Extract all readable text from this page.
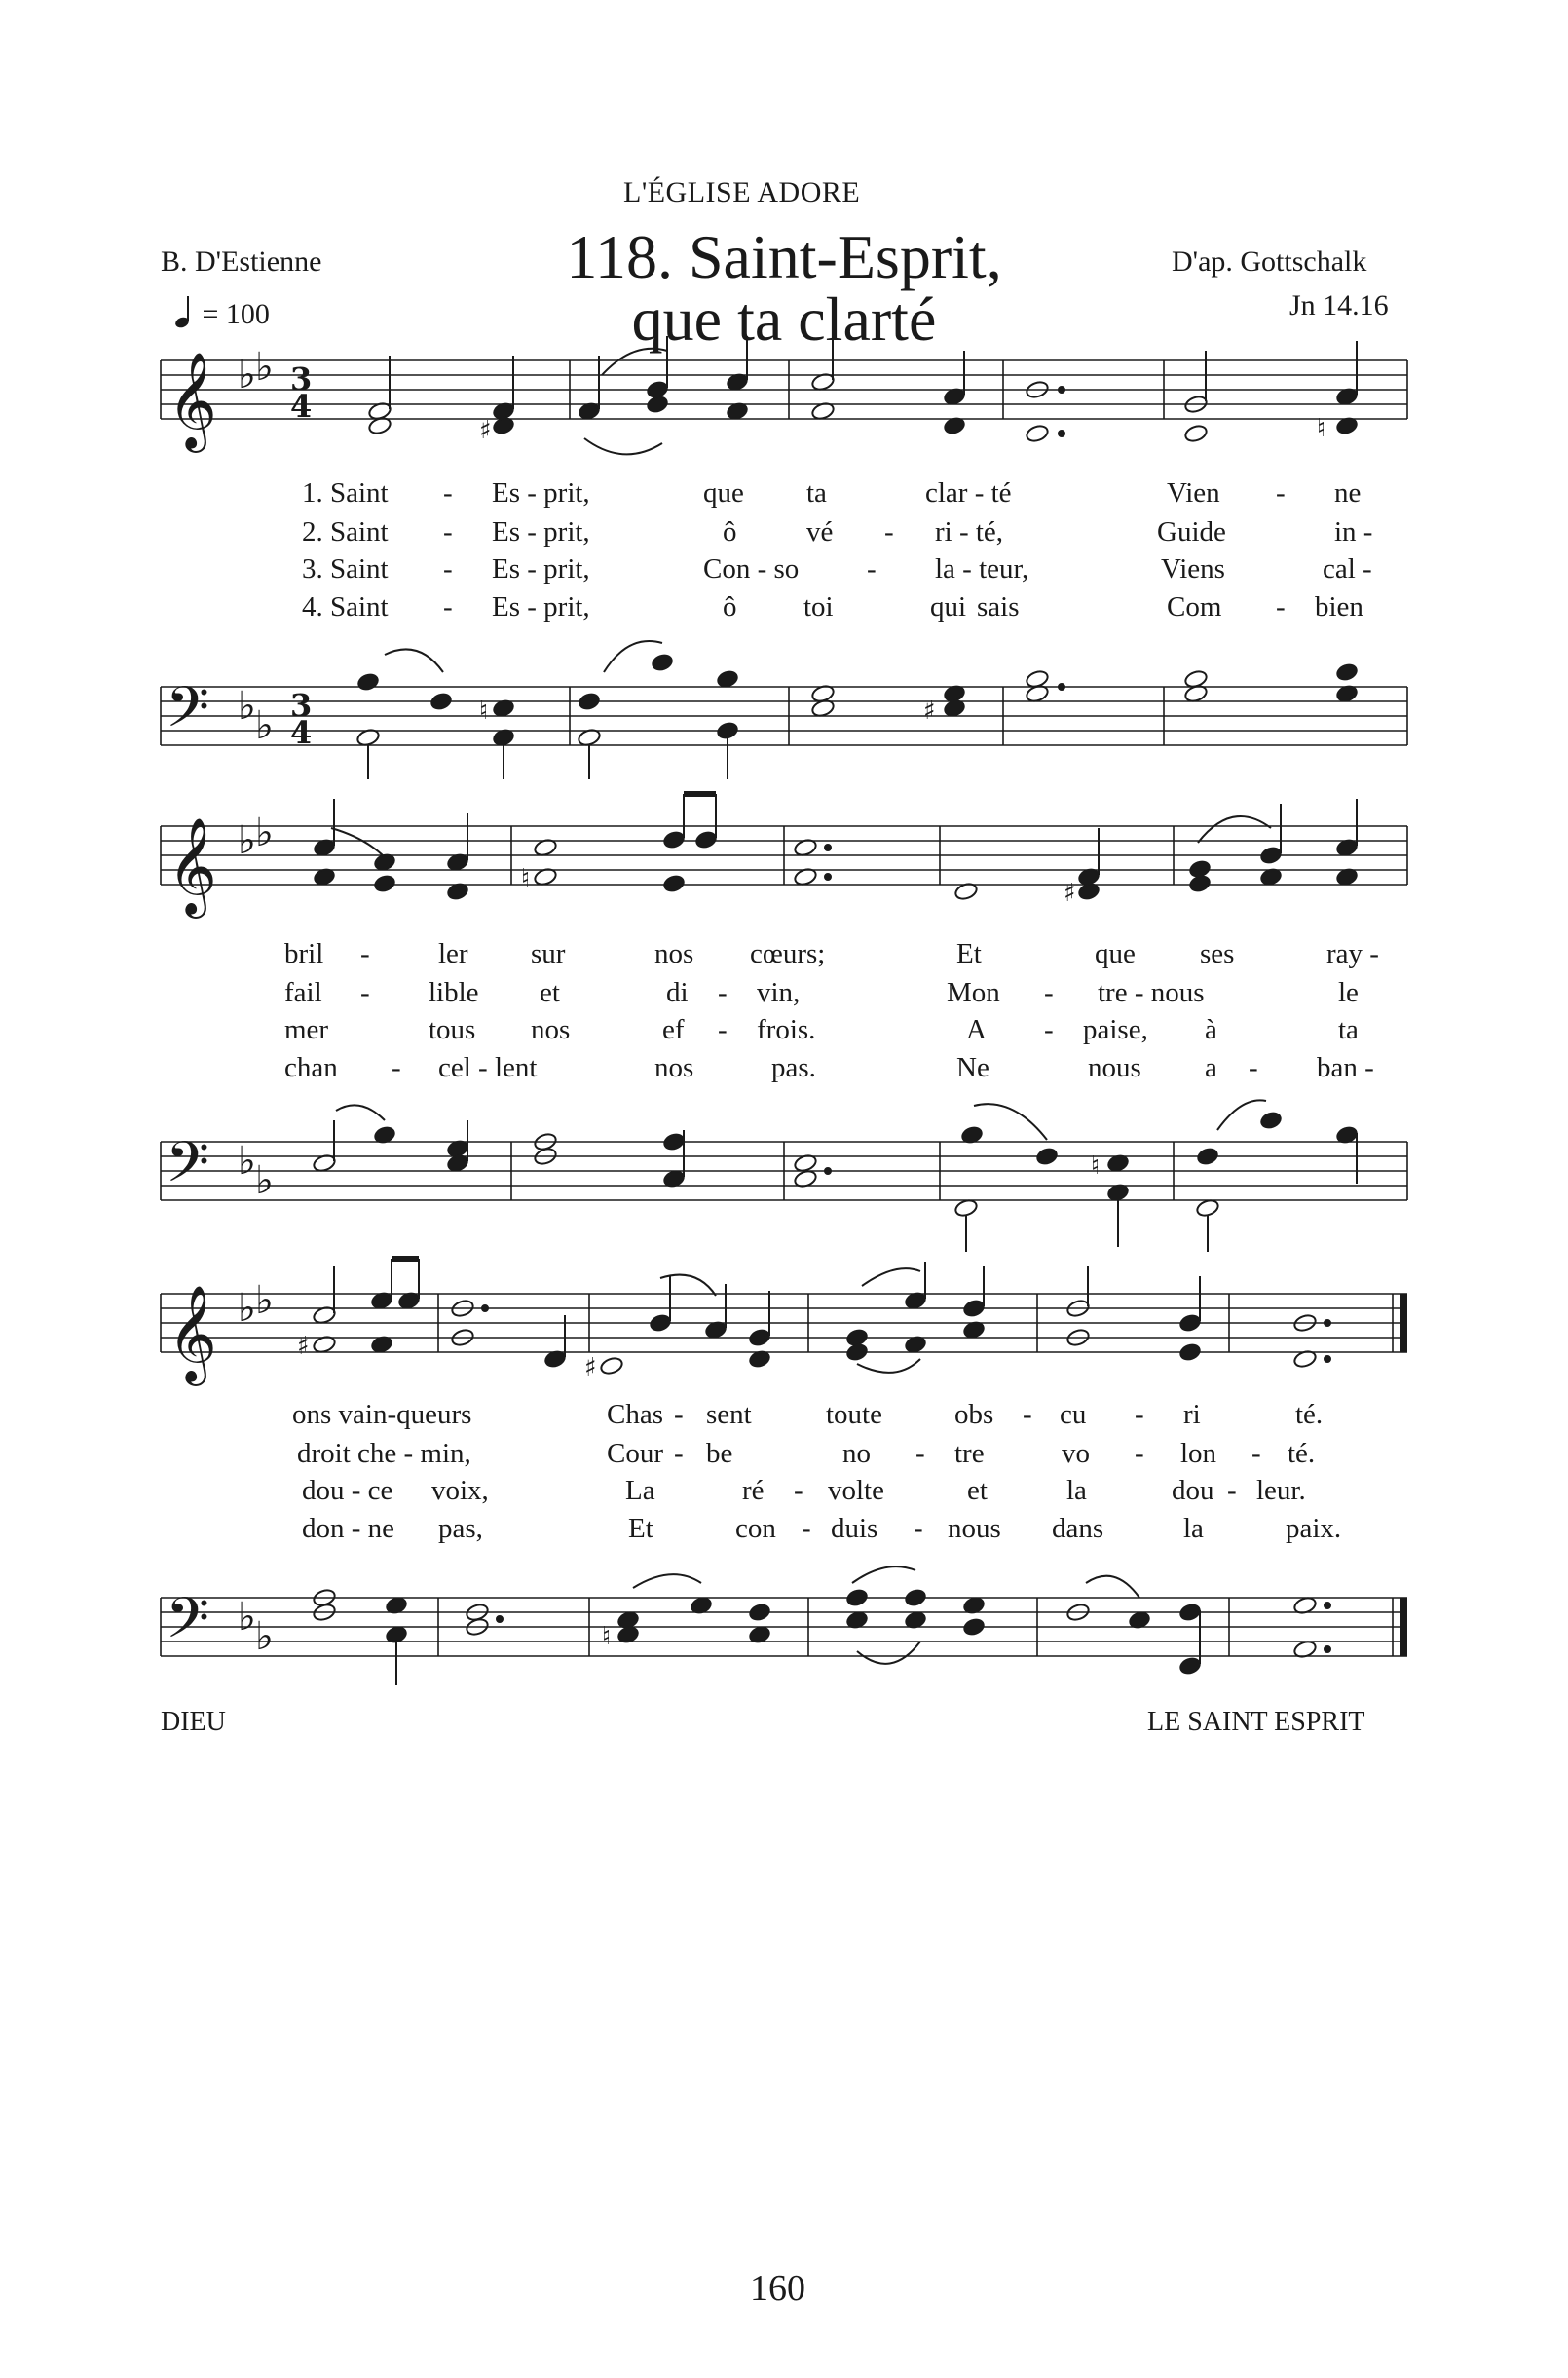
L'ÉGLISE ADORE
B. D'Estienne
= 100
118. Saint-Esprit,
que ta clarté
D'ap. Gottschalk
Jn 14.16
𝄞 ♭ ♭ 3
4
𝄢 ♭ ♭ 3
4
♯	♮
♮	♯
1. Saint - Es - prit,	que ta	clar - té	Vien - ne
2. Saint - Es - prit,	ô vé - ri - té,	Guide	in -
3. Saint - Es - prit,	Con - so - la - teur,	Viens	cal -
4. Saint - Es - prit,	ô toi	qui sais	Com - bien
𝄞 ♭ ♭
𝄢 ♭ ♭
♮	♯
♮
bril - ler sur	nos cœurs;	Et	que ses	ray -
fail - lible et	di - vin,	Mon - tre - nous	le
mer	tous nos	ef - frois.	A - paise, à	ta
chan - cel - lent	nos	pas.	Ne	nous a - ban -
𝄞 ♭ ♭
𝄢 ♭ ♭
♯
♯
♮
ons vain-queurs	Chas - sent	toute	obs - cu - ri	té.
droit che - min,	Cour - be	no - tre	vo - lon - té.
dou - ce voix,	La	ré - volte	et	la	dou - leur.
don - ne pas,	Et	con - duis - nous dans	la	paix.
DIEU	LE SAINT ESPRIT
160
